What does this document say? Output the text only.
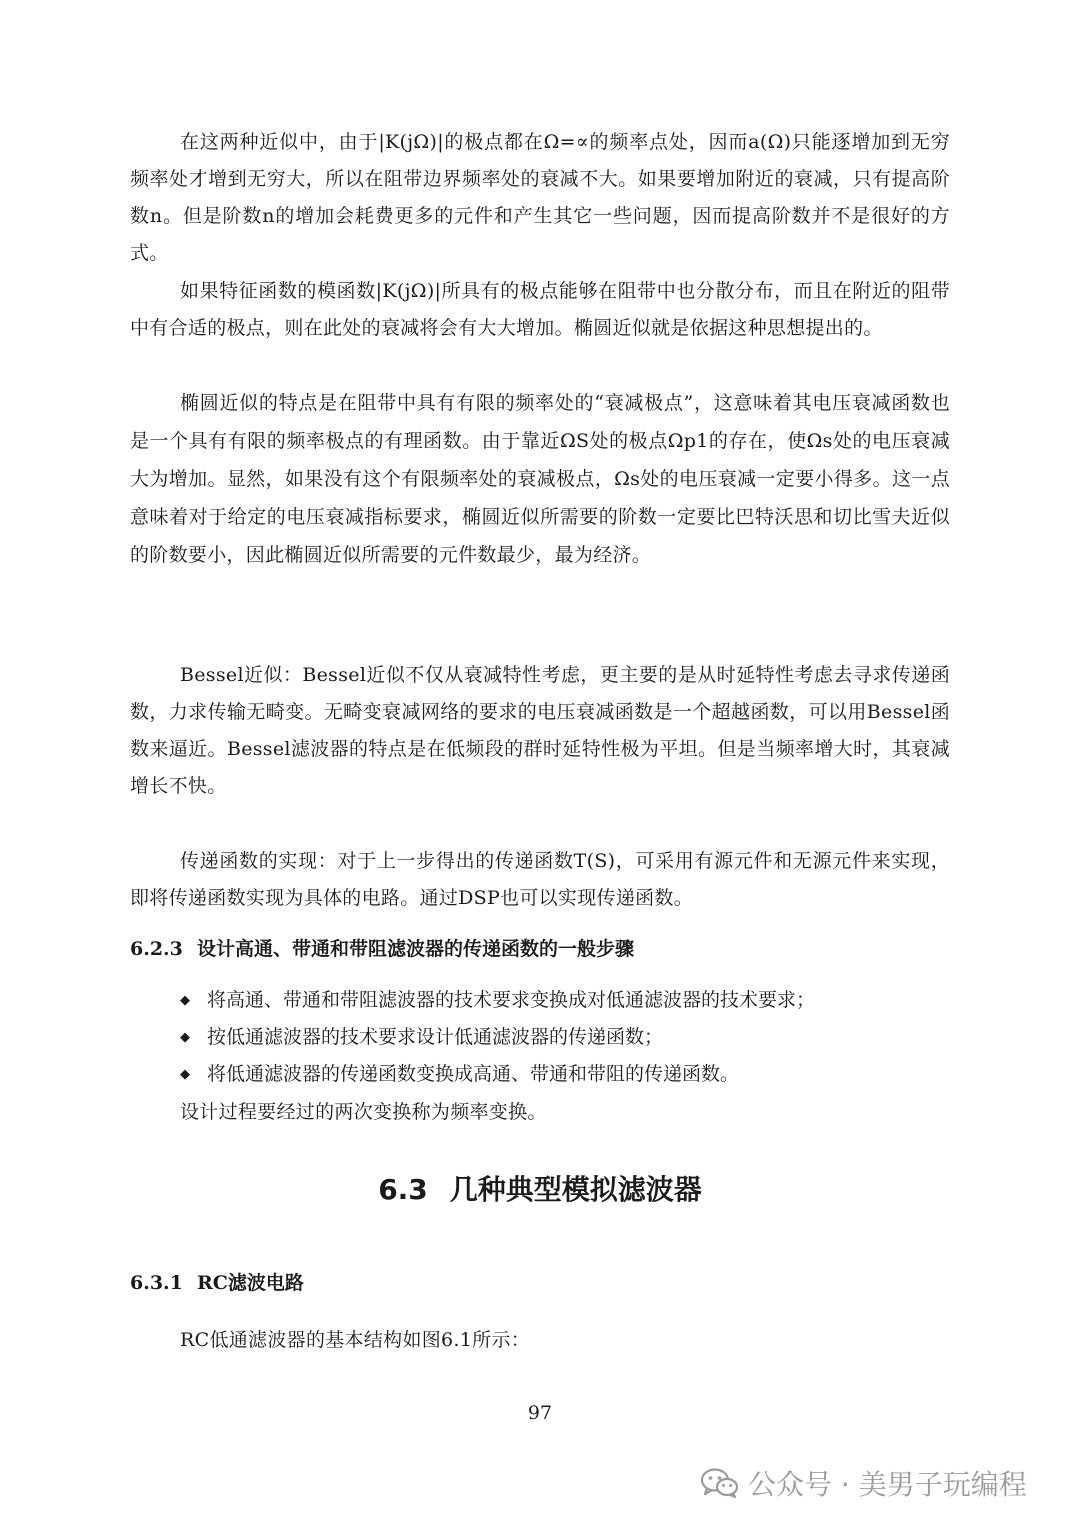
在这两种近似中，由于|K(jΩ)|的极点都在Ω=∝的频率点处，因而a(Ω)只能逐增加到无穷频率处才增到无穷大，所以在阻带边界频率处的衰减不大。如果要增加附近的衰减，只有提高阶数n。但是阶数n的增加会耗费更多的元件和产生其它一些问题，因而提高阶数并不是很好的方式。

如果特征函数的模函数|K(jΩ)|所具有的极点能够在阻带中也分散分布，而且在附近的阻带中有合适的极点，则在此处的衰减将会有大大增加。椭圆近似就是依据这种思想提出的。

椭圆近似的特点是在阻带中具有有限的频率处的“衰减极点”，这意味着其电压衰减函数也是一个具有有限的频率极点的有理函数。由于靠近ΩS处的极点Ωp1的存在，使Ωs处的电压衰减大为增加。显然，如果没有这个有限频率处的衰减极点，Ωs处的电压衰减一定要小得多。这一点意味着对于给定的电压衰减指标要求，椭圆近似所需要的阶数一定要比巴特沃思和切比雪夫近似的阶数要小，因此椭圆近似所需要的元件数最少，最为经济。

Bessel近似：Bessel近似不仅从衰减特性考虑，更主要的是从时延特性考虑去寻求传递函数，力求传输无畸变。无畸变衰减网络的要求的电压衰减函数是一个超越函数，可以用Bessel函数来逼近。Bessel滤波器的特点是在低频段的群时延特性极为平坦。但是当频率增大时，其衰减增长不快。

传递函数的实现：对于上一步得出的传递函数T(S)，可采用有源元件和无源元件来实现，即将传递函数实现为具体的电路。通过DSP也可以实现传递函数。

6.2.3 设计高通、带通和带阻滤波器的传递函数的一般步骤
◆ 将高通、带通和带阻滤波器的技术要求变换成对低通滤波器的技术要求；
◆ 按低通滤波器的技术要求设计低通滤波器的传递函数；
◆ 将低通滤波器的传递函数变换成高通、带通和带阻的传递函数。

设计过程要经过的两次变换称为频率变换。

6.3 几种典型模拟滤波器
6.3.1 RC滤波电路

RC低通滤波器的基本结构如图6.1所示：

97
公众号 · 美男子玩编程
